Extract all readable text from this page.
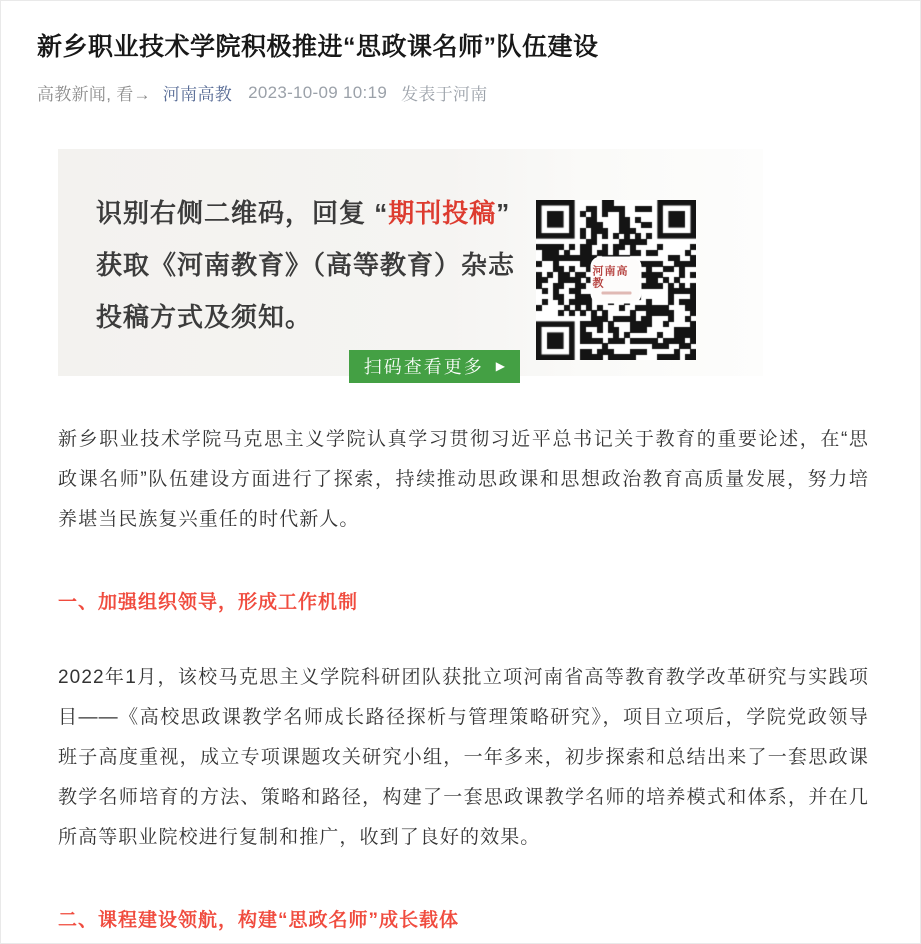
新乡职业技术学院积极推进“思政课名师”队伍建设
高教新闻, 看→ 河南高教 2023-10-09 10:19 发表于河南
识别右侧二维码，回复 “期刊投稿”
获取《河南教育》（高等教育）杂志
投稿方式及须知。
扫码查看更多 ▶
河南高教

新乡职业技术学院马克思主义学院认真学习贯彻习近平总书记关于教育的重要论述，在“思政课名师”队伍建设方面进行了探索，持续推动思政课和思想政治教育高质量发展，努力培养堪当民族复兴重任的时代新人。

一、加强组织领导，形成工作机制

2022年1月，该校马克思主义学院科研团队获批立项河南省高等教育教学改革研究与实践项目——《高校思政课教学名师成长路径探析与管理策略研究》，项目立项后，学院党政领导班子高度重视，成立专项课题攻关研究小组，一年多来，初步探索和总结出来了一套思政课教学名师培育的方法、策略和路径，构建了一套思政课教学名师的培养模式和体系，并在几所高等职业院校进行复制和推广，收到了良好的效果。

二、课程建设领航，构建“思政名师”成长载体
